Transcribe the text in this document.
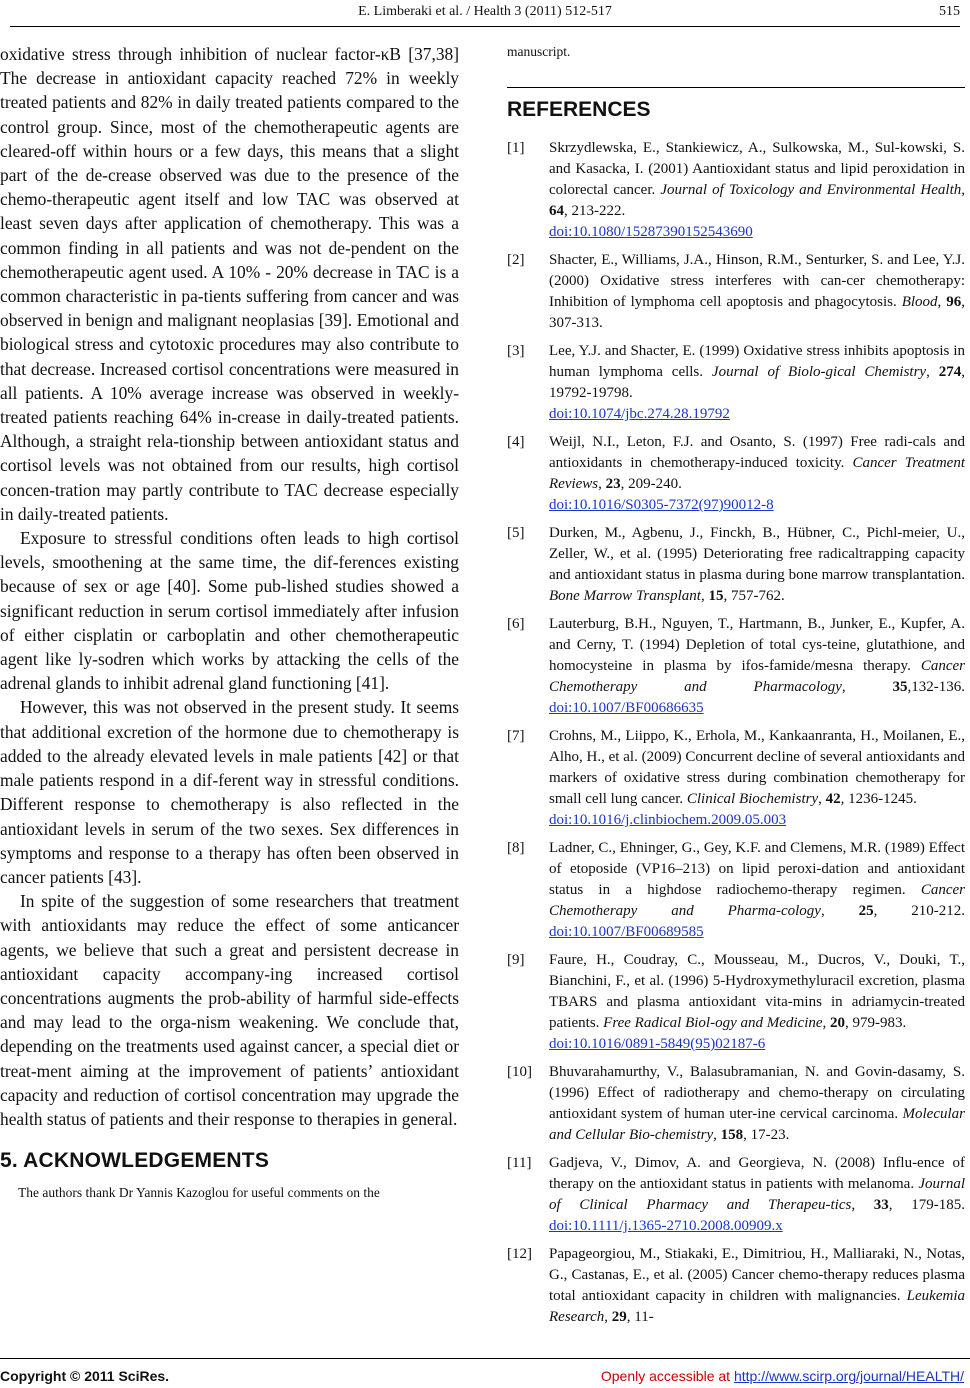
E. Limberaki et al. / Health 3 (2011) 512-517	515

oxidative stress through inhibition of nuclear factor-κB [37,38] The decrease in antioxidant capacity reached 72% in weekly treated patients and 82% in daily treated patients compared to the control group. Since, most of the chemotherapeutic agents are cleared-off within hours or a few days, this means that a slight part of the de-crease observed was due to the presence of the chemo-therapeutic agent itself and low TAC was observed at least seven days after application of chemotherapy. This was a common finding in all patients and was not de-pendent on the chemotherapeutic agent used. A 10% - 20% decrease in TAC is a common characteristic in pa-tients suffering from cancer and was observed in benign and malignant neoplasias [39]. Emotional and biological stress and cytotoxic procedures may also contribute to that decrease. Increased cortisol concentrations were measured in all patients. A 10% average increase was observed in weekly-treated patients reaching 64% in-crease in daily-treated patients. Although, a straight rela-tionship between antioxidant status and cortisol levels was not obtained from our results, high cortisol concen-tration may partly contribute to TAC decrease especially in daily-treated patients.

Exposure to stressful conditions often leads to high cortisol levels, smoothening at the same time, the dif-ferences existing because of sex or age [40]. Some pub-lished studies showed a significant reduction in serum cortisol immediately after infusion of either cisplatin or carboplatin and other chemotherapeutic agent like ly-sodren which works by attacking the cells of the adrenal glands to inhibit adrenal gland functioning [41].

However, this was not observed in the present study. It seems that additional excretion of the hormone due to chemotherapy is added to the already elevated levels in male patients [42] or that male patients respond in a dif-ferent way in stressful conditions. Different response to chemotherapy is also reflected in the antioxidant levels in serum of the two sexes. Sex differences in symptoms and response to a therapy has often been observed in cancer patients [43].

In spite of the suggestion of some researchers that treatment with antioxidants may reduce the effect of some anticancer agents, we believe that such a great and persistent decrease in antioxidant capacity accompany-ing increased cortisol concentrations augments the prob-ability of harmful side-effects and may lead to the orga-nism weakening. We conclude that, depending on the treatments used against cancer, a special diet or treat-ment aiming at the improvement of patients’ antioxidant capacity and reduction of cortisol concentration may upgrade the health status of patients and their response to therapies in general.

5. ACKNOWLEDGEMENTS

The authors thank Dr Yannis Kazoglou for useful comments on the

manuscript.

REFERENCES
[1]	Skrzydlewska, E., Stankiewicz, A., Sulkowska, M., Sul-kowski, S. and Kasacka, I. (2001) Aantioxidant status and lipid peroxidation in colorectal cancer. Journal of Toxicology and Environmental Health, 64, 213-222.
doi:10.1080/15287390152543690
[2]	Shacter, E., Williams, J.A., Hinson, R.M., Senturker, S. and Lee, Y.J. (2000) Oxidative stress interferes with can-cer chemotherapy: Inhibition of lymphoma cell apoptosis and phagocytosis. Blood, 96, 307-313.
[3]	Lee, Y.J. and Shacter, E. (1999) Oxidative stress inhibits apoptosis in human lymphoma cells. Journal of Biolo-gical Chemistry, 274, 19792-19798.
doi:10.1074/jbc.274.28.19792
[4]	Weijl, N.I., Leton, F.J. and Osanto, S. (1997) Free radi-cals and antioxidants in chemotherapy-induced toxicity. Cancer Treatment Reviews, 23, 209-240.
doi:10.1016/S0305-7372(97)90012-8
[5]	Durken, M., Agbenu, J., Finckh, B., Hübner, C., Pichl-meier, U., Zeller, W., et al. (1995) Deteriorating free radicaltrapping capacity and antioxidant status in plasma during bone marrow transplantation. Bone Marrow Transplant, 15, 757-762.
[6]	Lauterburg, B.H., Nguyen, T., Hartmann, B., Junker, E., Kupfer, A. and Cerny, T. (1994) Depletion of total cys-teine, glutathione, and homocysteine in plasma by ifos-famide/mesna therapy. Cancer Chemotherapy and Pharmacology, 35,132-136. doi:10.1007/BF00686635
[7]	Crohns, M., Liippo, K., Erhola, M., Kankaanranta, H., Moilanen, E., Alho, H., et al. (2009) Concurrent decline of several antioxidants and markers of oxidative stress during combination chemotherapy for small cell lung cancer. Clinical Biochemistry, 42, 1236-1245.
doi:10.1016/j.clinbiochem.2009.05.003
[8]	Ladner, C., Ehninger, G., Gey, K.F. and Clemens, M.R. (1989) Effect of etoposide (VP16–213) on lipid peroxi-dation and antioxidant status in a highdose radiochemo-therapy regimen. Cancer Chemotherapy and Pharma-cology, 25, 210-212. doi:10.1007/BF00689585
[9]	Faure, H., Coudray, C., Mousseau, M., Ducros, V., Douki, T., Bianchini, F., et al. (1996) 5-Hydroxymethyluracil excretion, plasma TBARS and plasma antioxidant vita-mins in adriamycin-treated patients. Free Radical Biol-ogy and Medicine, 20, 979-983.
doi:10.1016/0891-5849(95)02187-6
[10]	Bhuvarahamurthy, V., Balasubramanian, N. and Govin-dasamy, S. (1996) Effect of radiotherapy and chemo-therapy on circulating antioxidant system of human uter-ine cervical carcinoma. Molecular and Cellular Bio-chemistry, 158, 17-23.
[11]	Gadjeva, V., Dimov, A. and Georgieva, N. (2008) Influ-ence of therapy on the antioxidant status in patients with melanoma. Journal of Clinical Pharmacy and Therapeu-tics, 33, 179-185. doi:10.1111/j.1365-2710.2008.00909.x
[12]	Papageorgiou, M., Stiakaki, E., Dimitriou, H., Malliaraki, N., Notas, G., Castanas, E., et al. (2005) Cancer chemo-therapy reduces plasma total antioxidant capacity in children with malignancies. Leukemia Research, 29, 11-
Copyright © 2011 SciRes.	Openly accessible at http://www.scirp.org/journal/HEALTH/
